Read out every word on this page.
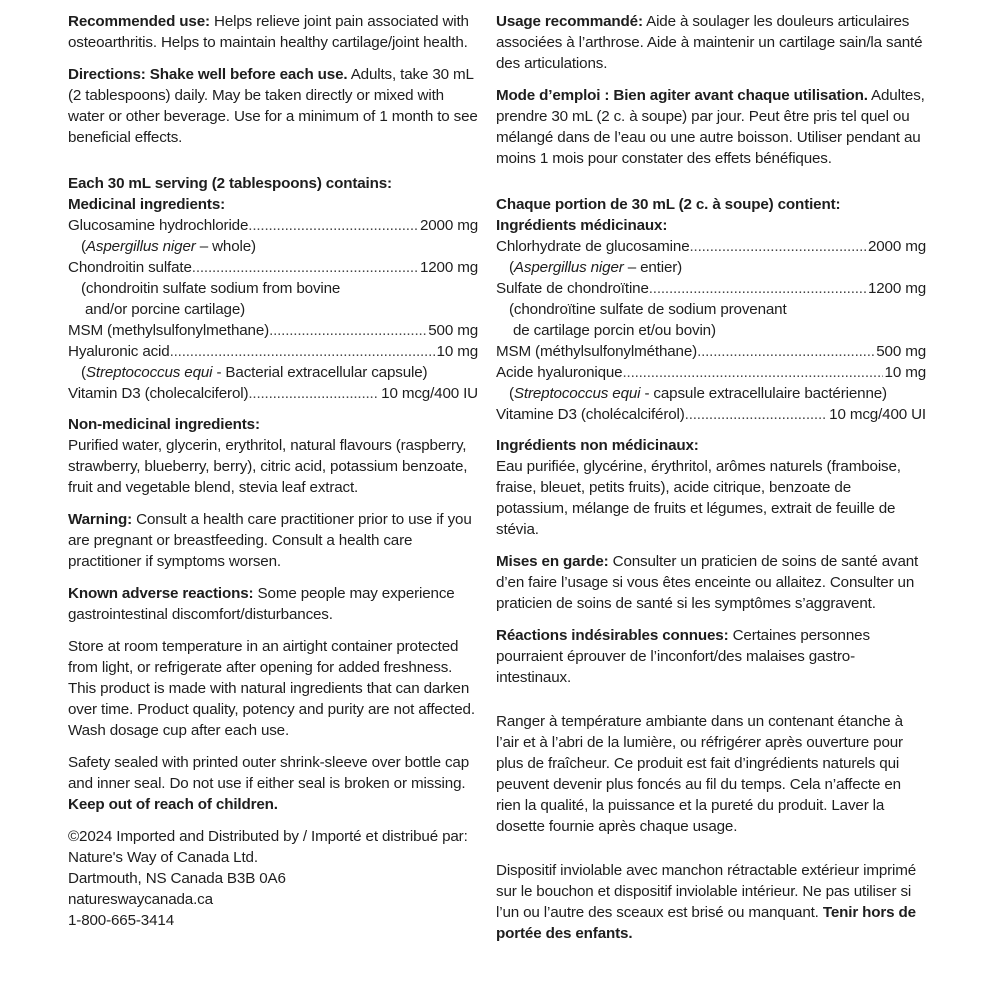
Recommended use: Helps relieve joint pain associated with osteoarthritis. Helps to maintain healthy cartilage/joint health.

Directions: Shake well before each use. Adults, take 30 mL (2 tablespoons) daily. May be taken directly or mixed with water or other beverage. Use for a minimum of 1 month to see beneficial effects.

Each 30 mL serving (2 tablespoons) contains:
Medicinal ingredients:
Glucosamine hydrochloride . . .	2000 mg
(Aspergillus niger – whole)
Chondroitin sulfate . . .	1200 mg
(chondroitin sulfate sodium from bovine
and/or porcine cartilage)
MSM (methylsulfonylmethane) . . .	500 mg
Hyaluronic acid . . .	10 mg
(Streptococcus equi - Bacterial extracellular capsule)
Vitamin D3 (cholecalciferol) . . .	10 mcg/400 IU
Non-medicinal ingredients:

Purified water, glycerin, erythritol, natural flavours (raspberry, strawberry, blueberry, berry), citric acid, potassium benzoate, fruit and vegetable blend, stevia leaf extract.

Warning: Consult a health care practitioner prior to use if you are pregnant or breastfeeding. Consult a health care practitioner if symptoms worsen.

Known adverse reactions: Some people may experience gastrointestinal discomfort/disturbances.

Store at room temperature in an airtight container protected from light, or refrigerate after opening for added freshness. This product is made with natural ingredients that can darken over time. Product quality, potency and purity are not affected. Wash dosage cup after each use.

Safety sealed with printed outer shrink-sleeve over bottle cap and inner seal. Do not use if either seal is broken or missing. Keep out of reach of children.

©2024 Imported and Distributed by / Importé et distribué par:
Nature's Way of Canada Ltd.
Dartmouth, NS Canada B3B 0A6
natureswaycanada.ca
1-800-665-3414

Usage recommandé: Aide à soulager les douleurs articulaires associées à l’arthrose. Aide à maintenir un cartilage sain/la santé des articulations.

Mode d’emploi : Bien agiter avant chaque utilisation. Adultes, prendre 30 mL (2 c. à soupe) par jour. Peut être pris tel quel ou mélangé dans de l’eau ou une autre boisson. Utiliser pendant au moins 1 mois pour constater des effets bénéfiques.

Chaque portion de 30 mL (2 c. à soupe) contient:
Ingrédients médicinaux:
Chlorhydrate de glucosamine . . .	2000 mg
(Aspergillus niger – entier)
Sulfate de chondroïtine . . .	1200 mg
(chondroïtine sulfate de sodium provenant
de cartilage porcin et/ou bovin)
MSM (méthylsulfonylméthane) . . .	500 mg
Acide hyaluronique . . .	10 mg
(Streptococcus equi - capsule extracellulaire bactérienne)
Vitamine D3 (cholécalciférol) . . .	10 mcg/400 UI
Ingrédients non médicinaux:

Eau purifiée, glycérine, érythritol, arômes naturels (framboise, fraise, bleuet, petits fruits), acide citrique, benzoate de potassium, mélange de fruits et légumes, extrait de feuille de stévia.

Mises en garde: Consulter un praticien de soins de santé avant d’en faire l’usage si vous êtes enceinte ou allaitez. Consulter un praticien de soins de santé si les symptômes s’aggravent.

Réactions indésirables connues: Certaines personnes pourraient éprouver de l’inconfort/des malaises gastro-intestinaux.

Ranger à température ambiante dans un contenant étanche à l’air et à l’abri de la lumière, ou réfrigérer après ouverture pour plus de fraîcheur. Ce produit est fait d’ingrédients naturels qui peuvent devenir plus foncés au fil du temps. Cela n’affecte en rien la qualité, la puissance et la pureté du produit. Laver la dosette fournie après chaque usage.

Dispositif inviolable avec manchon rétractable extérieur imprimé sur le bouchon et dispositif inviolable intérieur. Ne pas utiliser si l’un ou l’autre des sceaux est brisé ou manquant. Tenir hors de portée des enfants.
